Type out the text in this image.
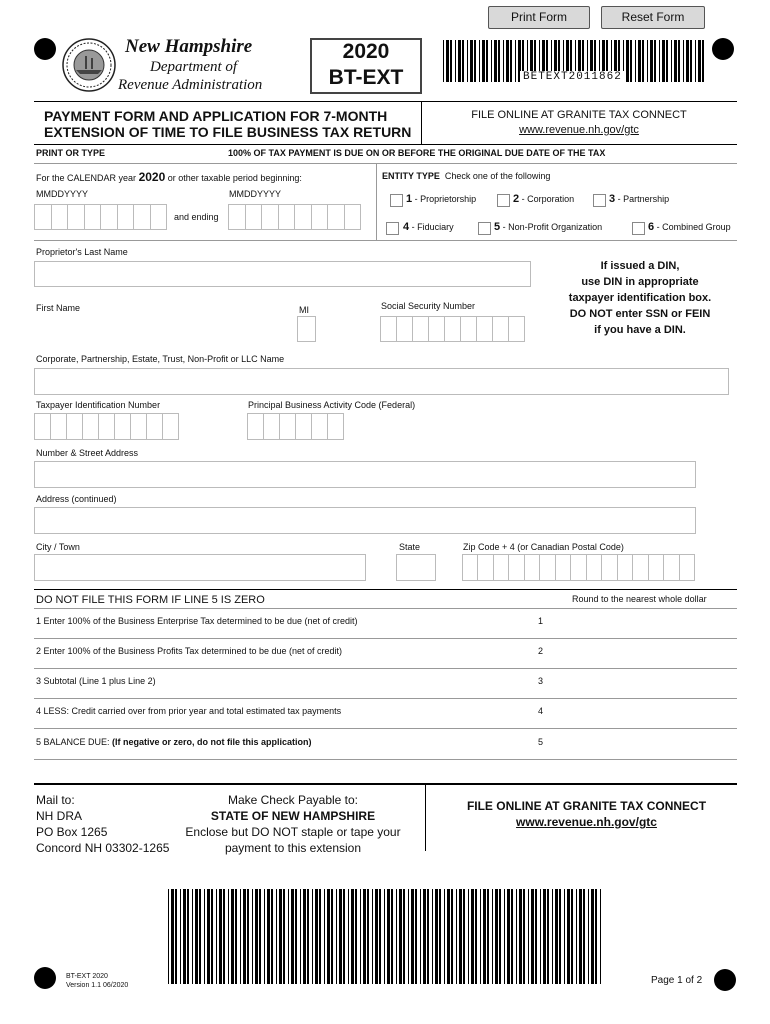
Print Form	Reset Form
New Hampshire
Department of
Revenue Administration
2020
BT-EXT	BETEXT2011862
PAYMENT FORM AND APPLICATION FOR 7-MONTH
EXTENSION OF TIME TO FILE BUSINESS TAX RETURN
FILE ONLINE AT GRANITE TAX CONNECT
www.revenue.nh.gov/gtc
PRINT OR TYPE	100% OF TAX PAYMENT IS DUE ON OR BEFORE THE ORIGINAL DUE DATE OF THE TAX
For the CALENDAR year 2020 or other taxable period beginning:
MMDDYYYY	MMDDYYYY
and ending
ENTITY TYPE Check one of the following
1 - Proprietorship	2 - Corporation	3 - Partnership
4 - Fiduciary	5 - Non-Profit Organization	6 - Combined Group
Proprietor's Last Name
If issued a DIN,
use DIN in appropriate
taxpayer identification box.
DO NOT enter SSN or FEIN
if you have a DIN.
First Name	MI	Social Security Number
Corporate, Partnership, Estate, Trust, Non-Profit or LLC Name
Taxpayer Identification Number	Principal Business Activity Code (Federal)
Number & Street Address
Address (continued)
City / Town	State	Zip Code + 4 (or Canadian Postal Code)
DO NOT FILE THIS FORM IF LINE 5 IS ZERO	Round to the nearest whole dollar
1 Enter 100% of the Business Enterprise Tax determined to be due (net of credit)	1
2 Enter 100% of the Business Profits Tax determined to be due (net of credit)	2
3 Subtotal (Line 1 plus Line 2)	3
4 LESS: Credit carried over from prior year and total estimated tax payments	4
5 BALANCE DUE: (If negative or zero, do not file this application)	5
Mail to:
NH DRA
PO Box 1265
Concord NH 03302-1265
Make Check Payable to:
STATE OF NEW HAMPSHIRE
Enclose but DO NOT staple or tape your
payment to this extension
FILE ONLINE AT GRANITE TAX CONNECT
www.revenue.nh.gov/gtc
BT-EXT 2020
Version 1.1 06/2020	Page 1 of 2
